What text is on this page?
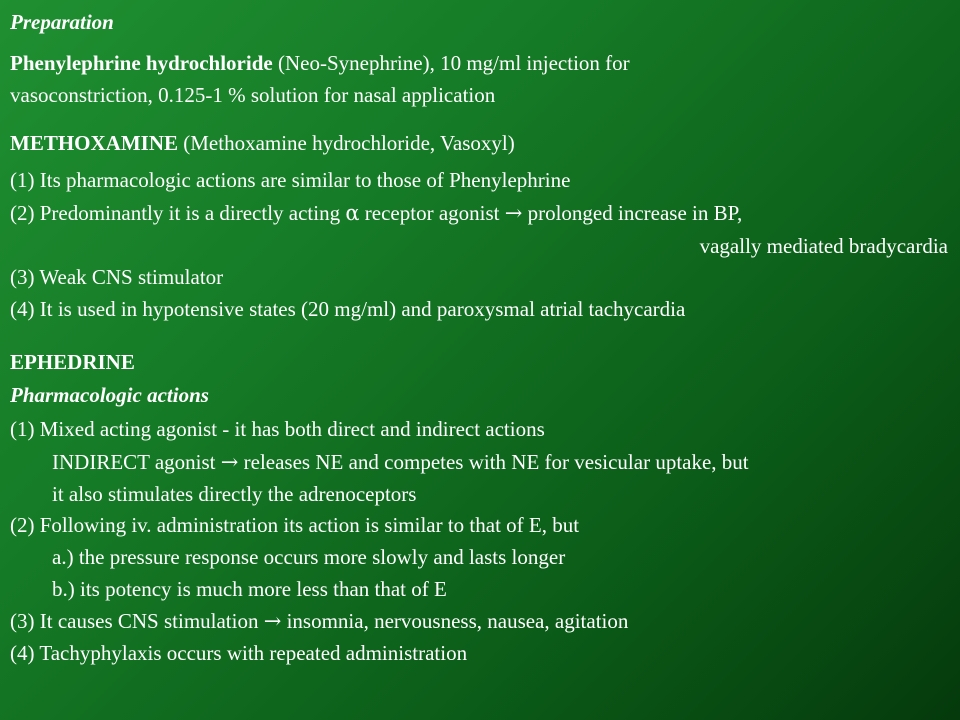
Preparation
Phenylephrine hydrochloride (Neo-Synephrine), 10 mg/ml injection for
vasoconstriction, 0.125-1 % solution for nasal application
METHOXAMINE (Methoxamine hydrochloride, Vasoxyl)
(1) Its pharmacologic actions are similar to those of Phenylephrine
(2) Predominantly it is a directly acting α receptor agonist → prolonged increase in BP,
vagally mediated bradycardia
(3) Weak CNS stimulator
(4) It is used in hypotensive states (20 mg/ml) and paroxysmal atrial tachycardia
EPHEDRINE
Pharmacologic actions
(1) Mixed acting agonist - it has both direct and indirect actions
INDIRECT agonist → releases NE and competes with NE for vesicular uptake, but
it also stimulates directly the adrenoceptors
(2) Following iv. administration its action is similar to that of E, but
a.) the pressure response occurs more slowly and lasts longer
b.) its potency is much more less than that of E
(3) It causes CNS stimulation → insomnia, nervousness, nausea, agitation
(4) Tachyphylaxis occurs with repeated administration
